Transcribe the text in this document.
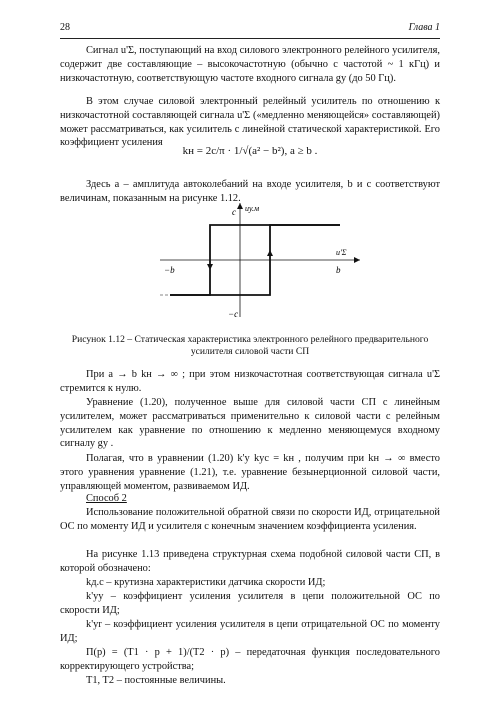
28	Глава 1

Сигнал u'Σ, поступающий на вход силового электронного релейного усилителя, содержит две составляющие – высокочастотную (обычно с частотой ~ 1 кГц) и низкочастотную, соответствующую частоте входного сигнала gy (до 50 Гц).

В этом случае силовой электронный релейный усилитель по отношению к низкочастотной составляющей сигнала u'Σ («медленно меняющейся» составляющей) может рассматриваться, как усилитель с линейной статической характеристикой. Его коэффициент усиления

kн = 2c/π · 1/√(a² − b²), a ≥ b .

Здесь a – амплитуда автоколебаний на входе усилителя, b и c соответствуют величинам, показанным на рисунке 1.12.

c uу.м
−b	b
u'Σ
−c
Рисунок 1.12 – Статическая характеристика электронного релейного предварительного усилителя силовой части СП

При a → b kн → ∞ ; при этом низкочастотная соответствующая сигнала u'Σ стремится к нулю.

Уравнение (1.20), полученное выше для силовой части СП с линейным усилителем, может рассматриваться применительно к силовой части с релейным усилителем как уравнение по отношению к медленно меняющемуся входному сигналу gy .

Полагая, что в уравнении (1.20) k'y kус = kн , получим при kн → ∞ вместо этого уравнения уравнение (1.21), т.е. уравнение безынерционной силовой части, управляющей моментом, развиваемом ИД.

Способ 2

Использование положительной обратной связи по скорости ИД, отрицательной ОС по моменту ИД и усилителя с конечным значением коэффициента усиления.

На рисунке 1.13 приведена структурная схема подобной силовой части СП, в которой обозначено:

kд.с – крутизна характеристики датчика скорости ИД;

k'yy – коэффициент усиления усилителя в цепи положительной ОС по скорости ИД;

k'yr – коэффициент усиления усилителя в цепи отрицательной ОС по моменту ИД;

Π(p) = (T1 · p + 1)/(T2 · p) – передаточная функция последовательного корректирующего устройства;

T1, T2 – постоянные величины.
